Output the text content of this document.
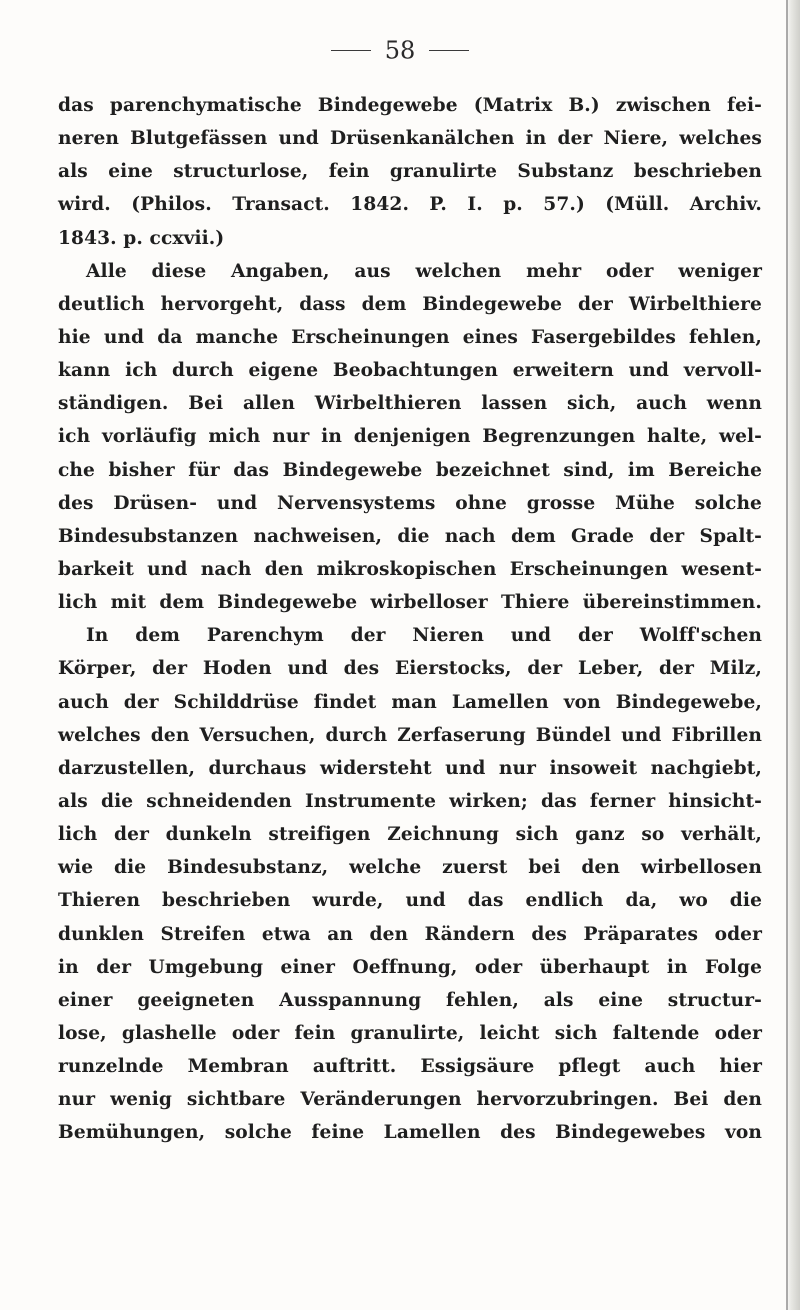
58
das parenchymatische Bindegewebe (Matrix B.) zwischen fei-
neren Blutgefässen und Drüsenkanälchen in der Niere, welches
als eine structurlose, fein granulirte Substanz beschrieben
wird. (Philos. Transact. 1842. P. I. p. 57.) (Müll. Archiv.
1843. p. ccxvii.)
Alle diese Angaben, aus welchen mehr oder weniger
deutlich hervorgeht, dass dem Bindegewebe der Wirbelthiere
hie und da manche Erscheinungen eines Fasergebildes fehlen,
kann ich durch eigene Beobachtungen erweitern und vervoll-
ständigen. Bei allen Wirbelthieren lassen sich, auch wenn
ich vorläufig mich nur in denjenigen Begrenzungen halte, wel-
che bisher für das Bindegewebe bezeichnet sind, im Bereiche
des Drüsen- und Nervensystems ohne grosse Mühe solche
Bindesubstanzen nachweisen, die nach dem Grade der Spalt-
barkeit und nach den mikroskopischen Erscheinungen wesent-
lich mit dem Bindegewebe wirbelloser Thiere übereinstimmen.
In dem Parenchym der Nieren und der Wolff'schen
Körper, der Hoden und des Eierstocks, der Leber, der Milz,
auch der Schilddrüse findet man Lamellen von Bindegewebe,
welches den Versuchen, durch Zerfaserung Bündel und Fibrillen
darzustellen, durchaus widersteht und nur insoweit nachgiebt,
als die schneidenden Instrumente wirken; das ferner hinsicht-
lich der dunkeln streifigen Zeichnung sich ganz so verhält,
wie die Bindesubstanz, welche zuerst bei den wirbellosen
Thieren beschrieben wurde, und das endlich da, wo die
dunklen Streifen etwa an den Rändern des Präparates oder
in der Umgebung einer Oeffnung, oder überhaupt in Folge
einer geeigneten Ausspannung fehlen, als eine structur-
lose, glashelle oder fein granulirte, leicht sich faltende oder
runzelnde Membran auftritt. Essigsäure pflegt auch hier
nur wenig sichtbare Veränderungen hervorzubringen. Bei den
Bemühungen, solche feine Lamellen des Bindegewebes von
